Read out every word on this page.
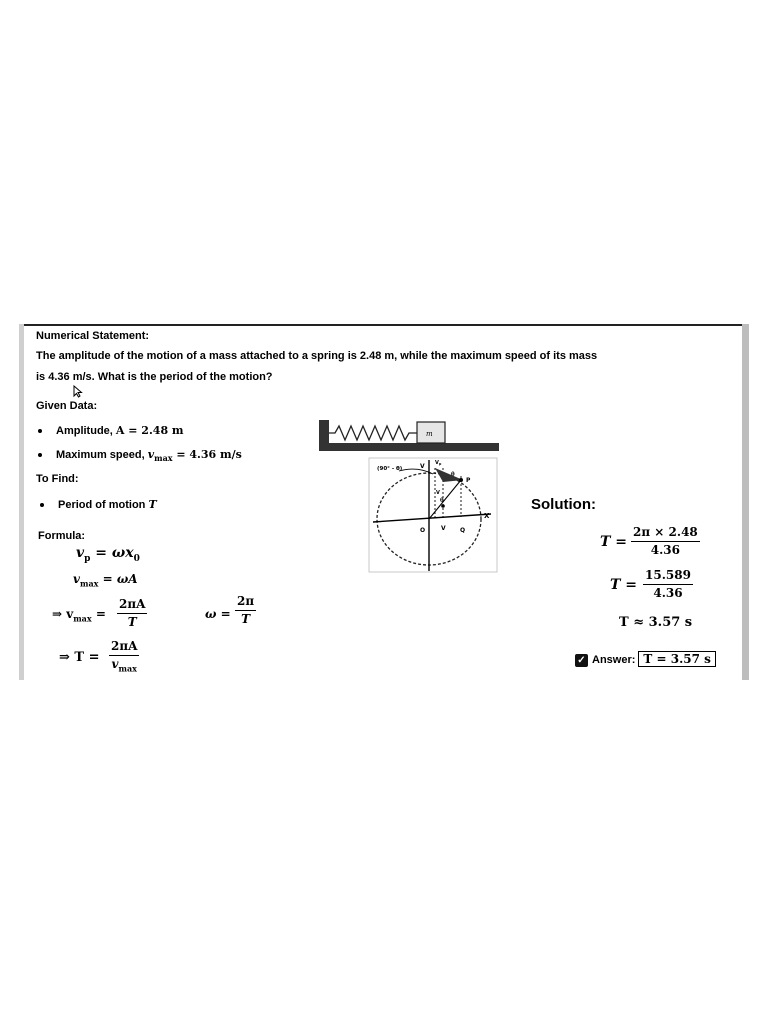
Numerical Statement:
The amplitude of the motion of a mass attached to a spring is 2.48 m, while the maximum speed of its mass
is 4.36 m/s. What is the period of the motion?
Given Data:
Amplitude, A = 2.48 m
Maximum speed, $v_{max} = 4.36$ m/s
To Find:
Period of motion T
Formula:
$v_p = \omega x_0$
$v_{max} = \omega A$
⇒ $v_{max} = \frac{2\pi A}{T}$	$\omega = \frac{2\pi}{T}$
⇒ T =
2πA
$v_{max}$
m
(90° - θ)	V $V_p$
P
θ
θ
V
O	V Q
X
Solution:
$T = \frac{2\pi \times 2.48}{4.36}$
$T = \frac{15.589}{4.36}$
T ≈ 3.57 s
✓ Answer: T = 3.57 s
